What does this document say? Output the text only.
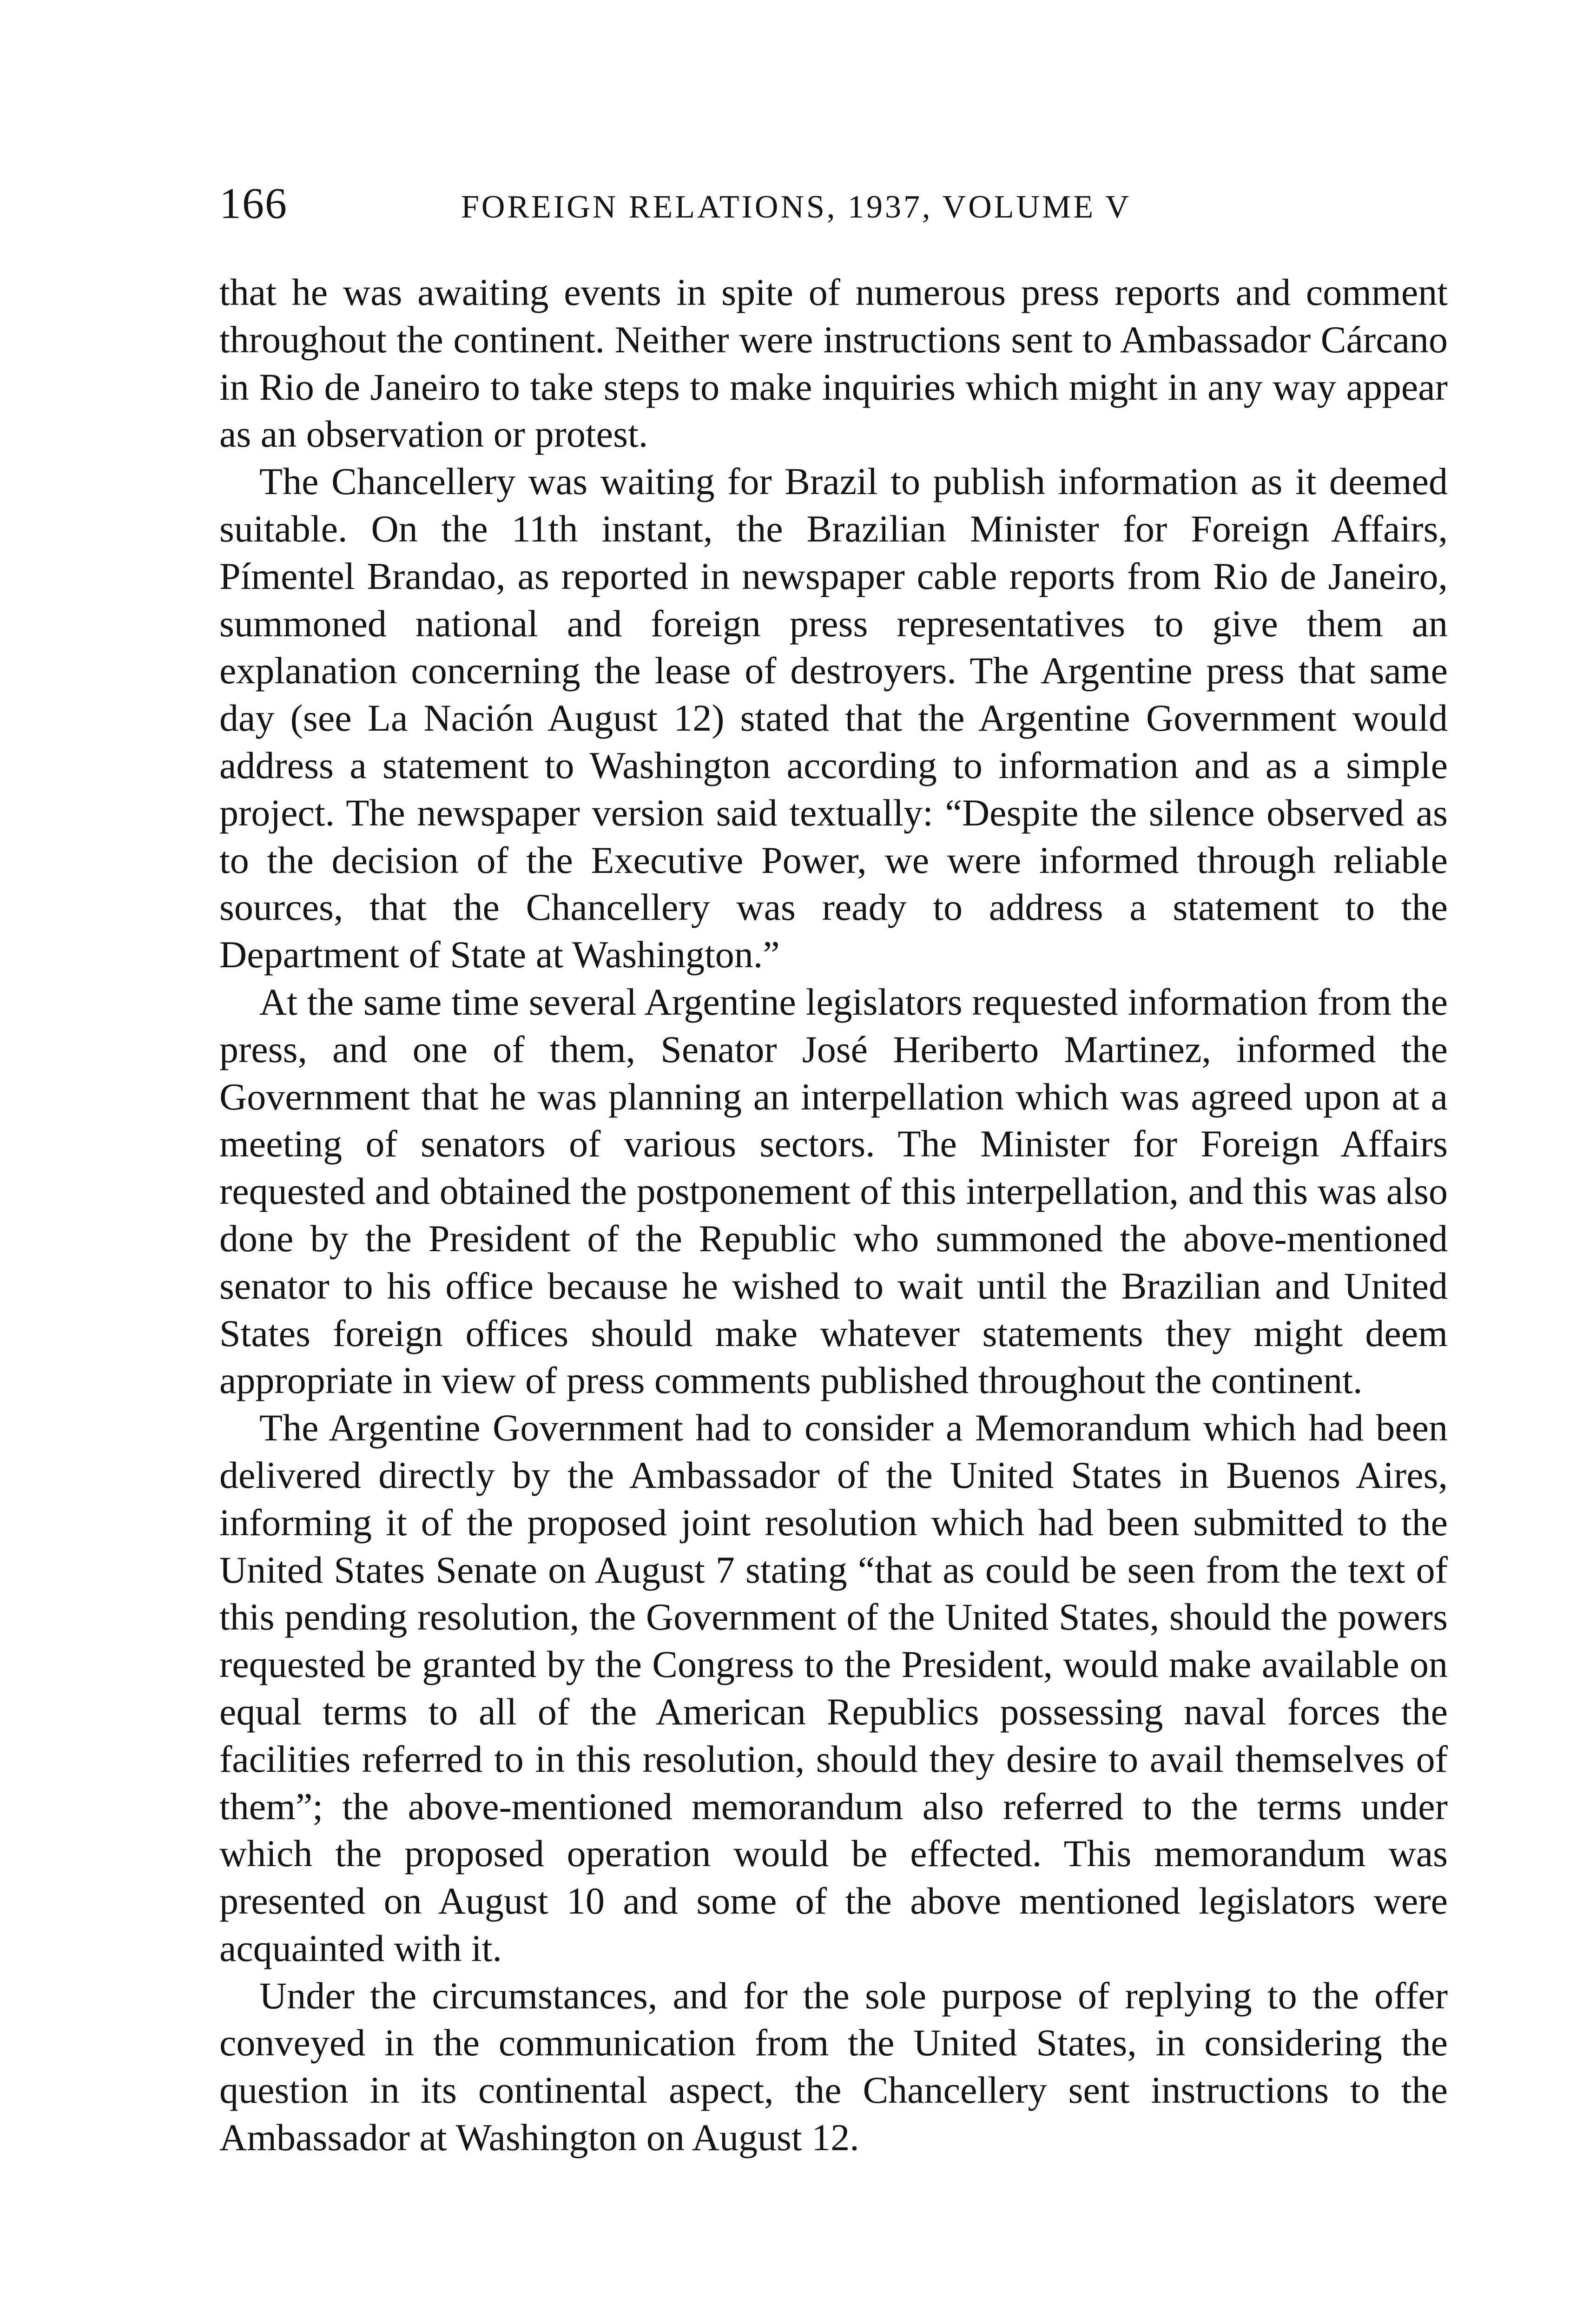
166	FOREIGN RELATIONS, 1937, VOLUME V

that he was awaiting events in spite of numerous press reports and comment throughout the continent. Neither were instructions sent to Ambassador Cárcano in Rio de Janeiro to take steps to make inquiries which might in any way appear as an observation or protest.

The Chancellery was waiting for Brazil to publish information as it deemed suitable. On the 11th instant, the Brazilian Minister for Foreign Affairs, Pímentel Brandao, as reported in newspaper cable reports from Rio de Janeiro, summoned national and foreign press representatives to give them an explanation concerning the lease of destroyers. The Argentine press that same day (see La Nación August 12) stated that the Argentine Government would address a statement to Washington according to information and as a simple project. The newspaper version said textually: “Despite the silence observed as to the decision of the Executive Power, we were informed through reliable sources, that the Chancellery was ready to address a statement to the Department of State at Washington.”

At the same time several Argentine legislators requested information from the press, and one of them, Senator José Heriberto Martinez, informed the Government that he was planning an interpellation which was agreed upon at a meeting of senators of various sectors. The Minister for Foreign Affairs requested and obtained the postponement of this interpellation, and this was also done by the President of the Republic who summoned the above-mentioned senator to his office because he wished to wait until the Brazilian and United States foreign offices should make whatever statements they might deem appropriate in view of press comments published throughout the continent.

The Argentine Government had to consider a Memorandum which had been delivered directly by the Ambassador of the United States in Buenos Aires, informing it of the proposed joint resolution which had been submitted to the United States Senate on August 7 stating “that as could be seen from the text of this pending resolution, the Government of the United States, should the powers requested be granted by the Congress to the President, would make available on equal terms to all of the American Republics possessing naval forces the facilities referred to in this resolution, should they desire to avail themselves of them”; the above-mentioned memorandum also referred to the terms under which the proposed operation would be effected. This memorandum was presented on August 10 and some of the above mentioned legislators were acquainted with it.

Under the circumstances, and for the sole purpose of replying to the offer conveyed in the communication from the United States, in considering the question in its continental aspect, the Chancellery sent instructions to the Ambassador at Washington on August 12.
